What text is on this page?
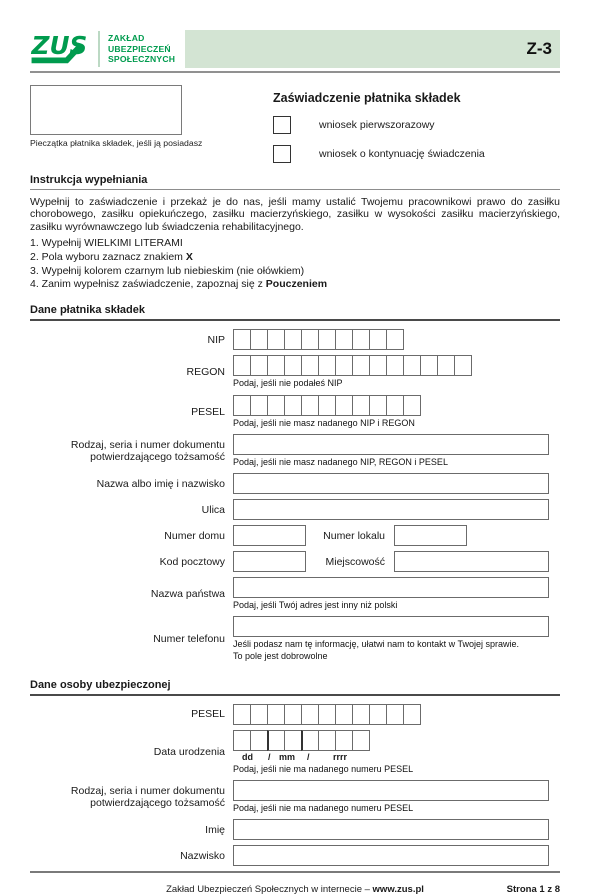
ZUS ZAKŁAD
UBEZPIECZEŃ
SPOŁECZNYCH
Z-3
Pieczątka płatnika składek, jeśli ją posiadasz
Zaświadczenie płatnika składek
wniosek pierwszorazowy
wniosek o kontynuację świadczenia
Instrukcja wypełniania
Wypełnij to zaświadczenie i przekaż je do nas, jeśli mamy ustalić Twojemu pracownikowi prawo do zasiłku chorobowego, zasiłku opiekuńczego, zasiłku macierzyńskiego, zasiłku w wysokości zasiłku macierzyńskiego, zasiłku wyrównawczego lub świadczenia rehabilitacyjnego.
1. Wypełnij WIELKIMI LITERAMI
2. Pola wyboru zaznacz znakiem X
3. Wypełnij kolorem czarnym lub niebieskim (nie ołówkiem)
4. Zanim wypełnisz zaświadczenie, zapoznaj się z Pouczeniem
Dane płatnika składek
NIP
REGON
Podaj, jeśli nie podałeś NIP
PESEL
Podaj, jeśli nie masz nadanego NIP i REGON
Rodzaj, seria i numer dokumentu potwierdzającego tożsamość Podaj, jeśli nie masz nadanego NIP, REGON i PESEL
Nazwa albo imię i nazwisko
Ulica
Numer domu	Numer lokalu
Kod pocztowy	Miejscowość
Nazwa państwa
Podaj, jeśli Twój adres jest inny niż polski
Numer telefonu Jeśli podasz nam tę informację, ułatwi nam to kontakt w Twojej sprawie.
To pole jest dobrowolne
Dane osoby ubezpieczonej
PESEL
Data urodzenia	dd / mm /	rrrr
Podaj, jeśli nie ma nadanego numeru PESEL
Rodzaj, seria i numer dokumentu potwierdzającego tożsamość Podaj, jeśli nie ma nadanego numeru PESEL
Imię
Nazwisko
Zakład Ubezpieczeń Społecznych w internecie – www.zus.pl	Strona 1 z 8
